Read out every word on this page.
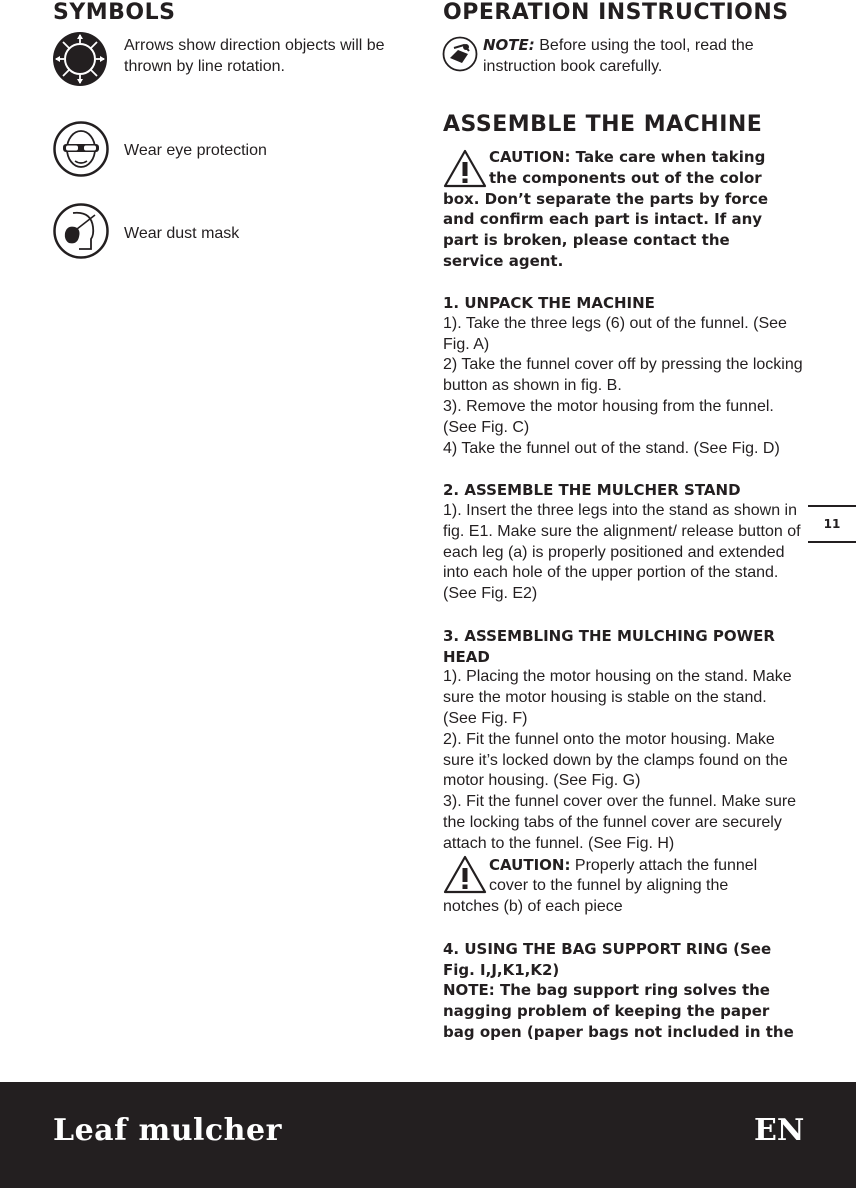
SYMBOLS
Arrows show direction objects will be thrown by line rotation.
Wear eye protection
Wear dust mask
OPERATION INSTRUCTIONS
NOTE: Before using the tool, read the instruction book carefully.
ASSEMBLE THE MACHINE
CAUTION: Take care when taking
the components out of the color
box. Don’t separate the parts by force and confirm each part is intact. If any part is broken, please contact the service agent.
1. UNPACK THE MACHINE

1). Take the three legs (6) out of the funnel. (See Fig. A)

2) Take the funnel cover off by pressing the locking button as shown in fig. B.

3). Remove the motor housing from the funnel. (See Fig. C)

4) Take the funnel out of the stand. (See Fig. D)

2. ASSEMBLE THE MULCHER STAND

1). Insert the three legs into the stand as shown in fig. E1. Make sure the alignment/ release button of each leg (a) is properly positioned and extended into each hole of the upper portion of the stand. (See Fig. E2)

3. ASSEMBLING THE MULCHING POWER HEAD

1). Placing the motor housing on the stand. Make sure the motor housing is stable on the stand. (See Fig. F)

2). Fit the funnel onto the motor housing. Make sure it’s locked down by the clamps found on the motor housing. (See Fig. G)

3). Fit the funnel cover over the funnel. Make sure the locking tabs of the funnel cover are securely attach to the funnel. (See Fig. H)

CAUTION: Properly attach the funnel
cover to the funnel by aligning the
notches (b) of each piece
4. USING THE BAG SUPPORT RING (See Fig. I,J,K1,K2)
NOTE: The bag support ring solves the nagging problem of keeping the paper bag open (paper bags not included in the
11
Leaf mulcher	EN
